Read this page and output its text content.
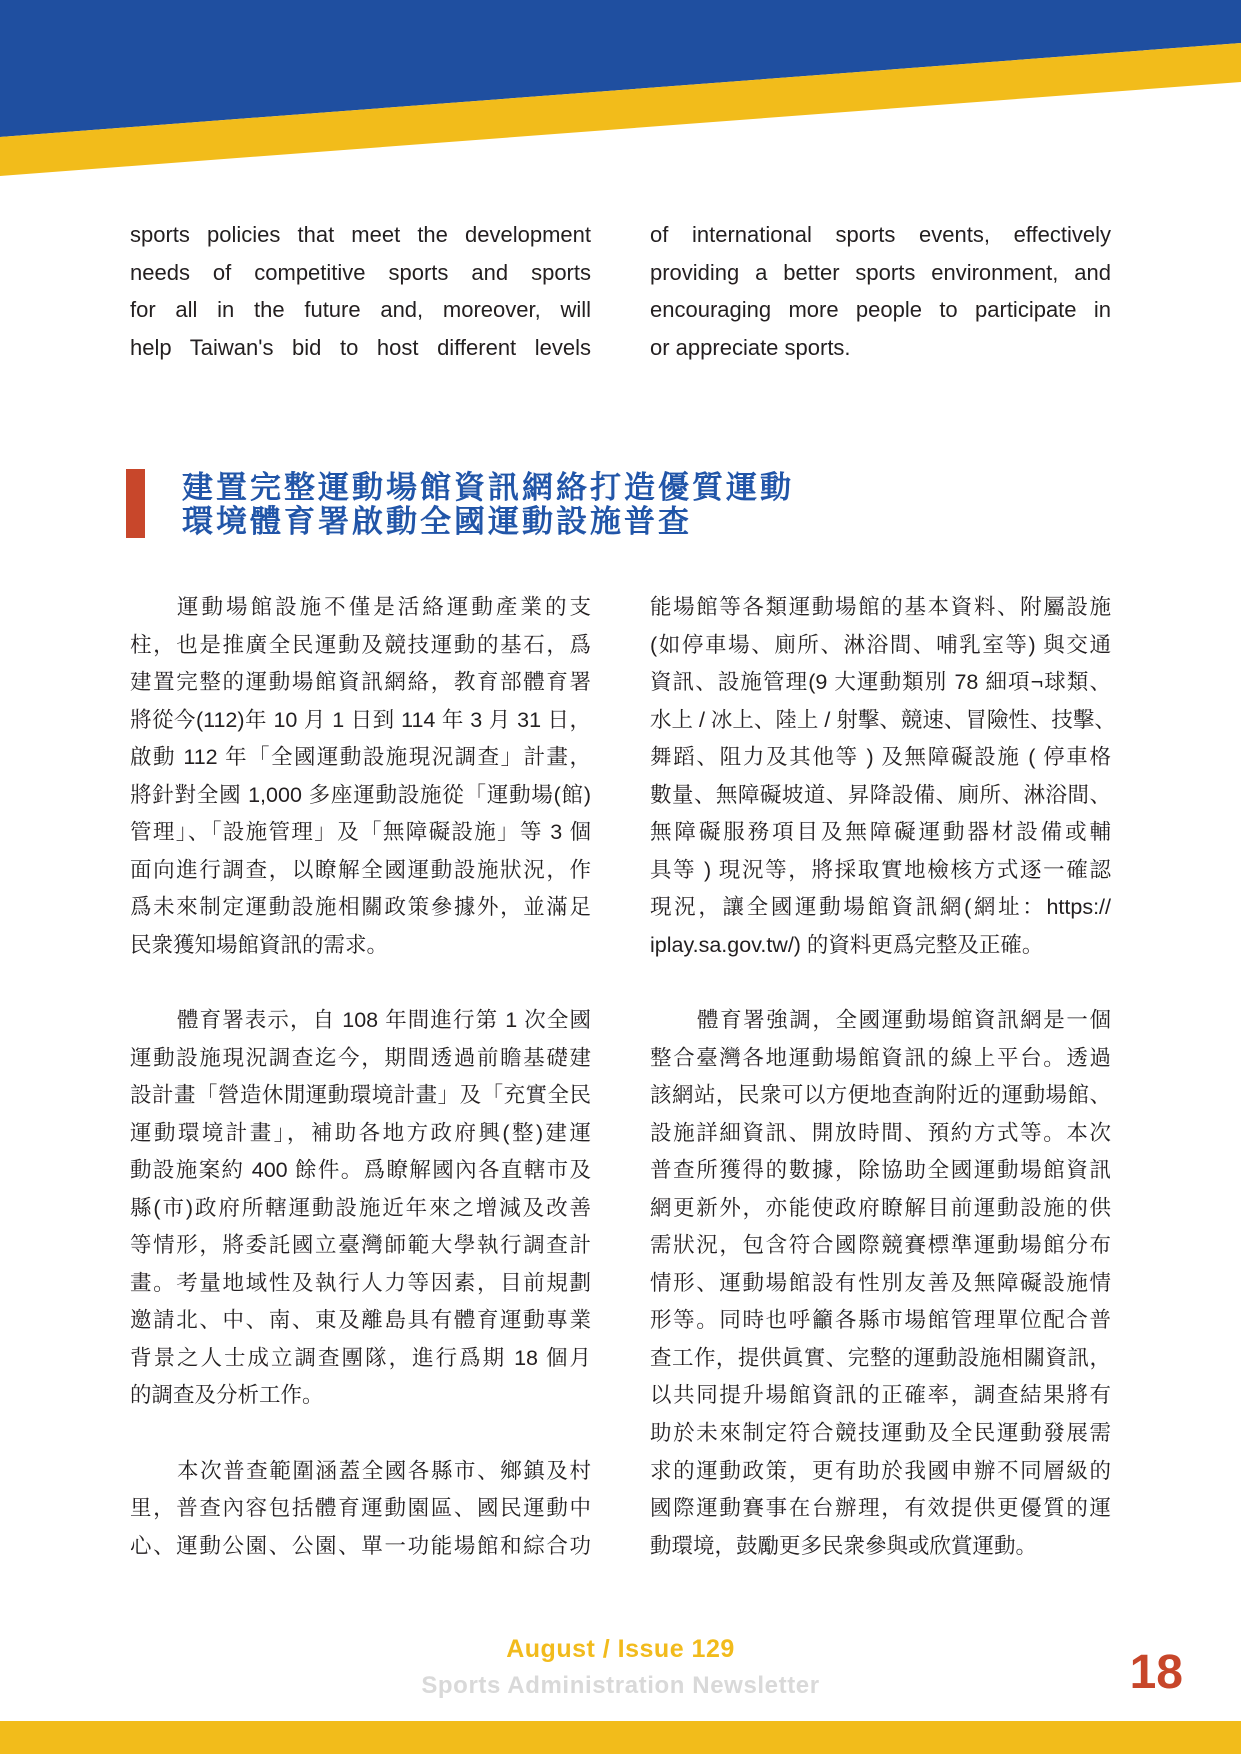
sports policies that meet the development
needs of competitive sports and sports
for all in the future and, moreover, will
help Taiwan's bid to host different levels
of international sports events, effectively
providing a better sports environment, and
encouraging more people to participate in
or appreciate sports.
建置完整運動場館資訊網絡打造優質運動
環境體育署啟動全國運動設施普查
運動場館設施不僅是活絡運動產業的支
柱，也是推廣全民運動及競技運動的基石，爲
建置完整的運動場館資訊網絡，教育部體育署
將從今(112)年 10 月 1 日到 114 年 3 月 31 日，
啟動 112 年「全國運動設施現況調查」計畫，
將針對全國 1,000 多座運動設施從「運動場(館)
管理」、「設施管理」及「無障礙設施」等 3 個
面向進行調查，以瞭解全國運動設施狀況，作
爲未來制定運動設施相關政策參據外，並滿足
民衆獲知場館資訊的需求。
體育署表示，自 108 年間進行第 1 次全國
運動設施現況調查迄今，期間透過前瞻基礎建
設計畫「營造休閒運動環境計畫」及「充實全民
運動環境計畫」，補助各地方政府興(整)建運
動設施案約 400 餘件。爲瞭解國內各直轄市及
縣(市)政府所轄運動設施近年來之增減及改善
等情形，將委託國立臺灣師範大學執行調查計
畫。考量地域性及執行人力等因素，目前規劃
邀請北、中、南、東及離島具有體育運動專業
背景之人士成立調查團隊，進行爲期 18 個月
的調查及分析工作。
本次普查範圍涵蓋全國各縣市、鄉鎮及村
里，普查內容包括體育運動園區、國民運動中
心、運動公園、公園、單一功能場館和綜合功
能場館等各類運動場館的基本資料、附屬設施
(如停車場、廁所、淋浴間、哺乳室等) 與交通
資訊、設施管理(9 大運動類別 78 細項¬球類、
水上 / 冰上、陸上 / 射擊、競速、冒險性、技擊、
舞蹈、阻力及其他等 ) 及無障礙設施 ( 停車格
數量、無障礙坡道、昇降設備、廁所、淋浴間、
無障礙服務項目及無障礙運動器材設備或輔
具等 ) 現況等，將採取實地檢核方式逐一確認
現況，讓全國運動場館資訊網(網址：https://
iplay.sa.gov.tw/) 的資料更爲完整及正確。
體育署強調，全國運動場館資訊網是一個
整合臺灣各地運動場館資訊的線上平台。透過
該網站，民衆可以方便地查詢附近的運動場館、
設施詳細資訊、開放時間、預約方式等。本次
普查所獲得的數據，除協助全國運動場館資訊
網更新外，亦能使政府瞭解目前運動設施的供
需狀況，包含符合國際競賽標準運動場館分布
情形、運動場館設有性別友善及無障礙設施情
形等。同時也呼籲各縣市場館管理單位配合普
查工作，提供眞實、完整的運動設施相關資訊，
以共同提升場館資訊的正確率，調查結果將有
助於未來制定符合競技運動及全民運動發展需
求的運動政策，更有助於我國申辦不同層級的
國際運動賽事在台辦理，有效提供更優質的運
動環境，鼓勵更多民衆參與或欣賞運動。
August / Issue 129
Sports Administration Newsletter	18
